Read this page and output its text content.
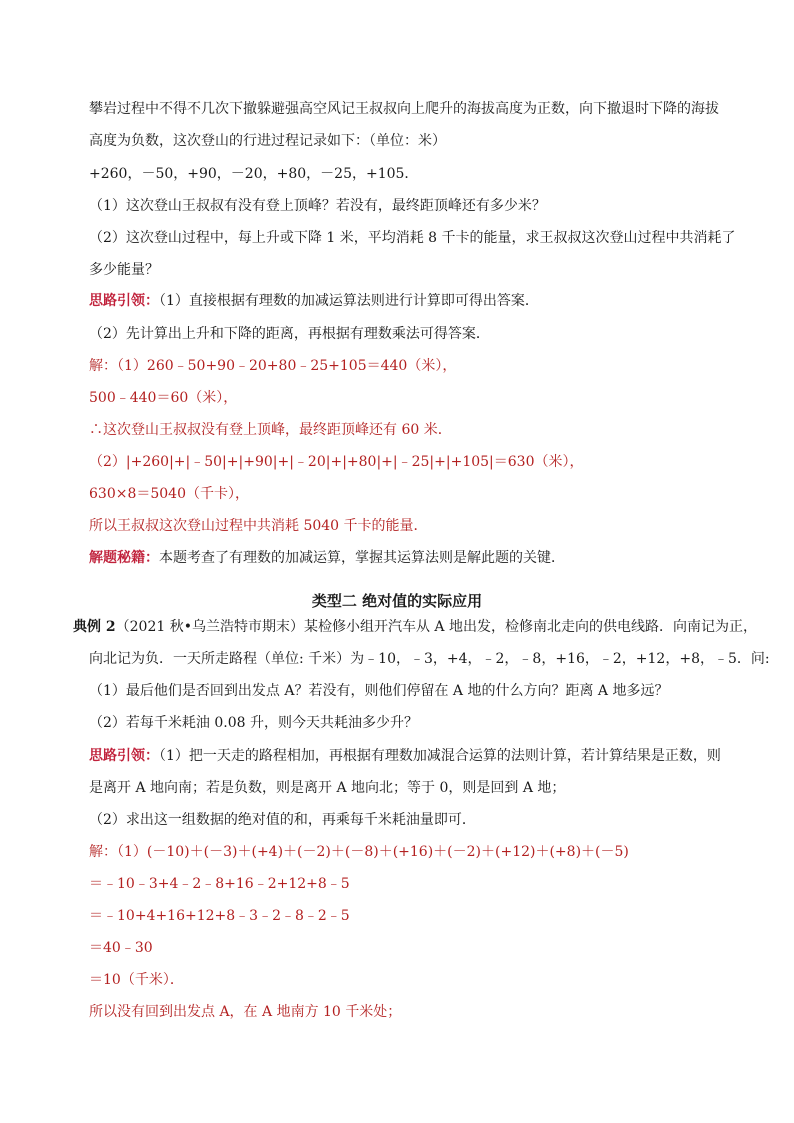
攀岩过程中不得不几次下撤躲避强高空风记王叔叔向上爬升的海拔高度为正数，向下撤退时下降的海拔
高度为负数，这次登山的行进过程记录如下：（单位：米）
+260，－50，+90，－20，+80，－25，+105．
（1）这次登山王叔叔有没有登上顶峰？若没有，最终距顶峰还有多少米？
（2）这次登山过程中，每上升或下降 1 米，平均消耗 8 千卡的能量，求王叔叔这次登山过程中共消耗了
多少能量？
思路引领：（1）直接根据有理数的加减运算法则进行计算即可得出答案．
（2）先计算出上升和下降的距离，再根据有理数乘法可得答案．
解：（1）260﹣50+90﹣20+80﹣25+105＝440（米），
500﹣440＝60（米），
∴这次登山王叔叔没有登上顶峰，最终距顶峰还有 60 米．
（2）|+260|+|﹣50|+|+90|+|﹣20|+|+80|+|﹣25|+|+105|＝630（米），
630×8＝5040（千卡），
所以王叔叔这次登山过程中共消耗 5040 千卡的能量．
解题秘籍：本题考查了有理数的加减运算，掌握其运算法则是解此题的关键．
类型二 绝对值的实际应用
典例 2（2021 秋•乌兰浩特市期末）某检修小组开汽车从 A 地出发，检修南北走向的供电线路．向南记为正，
向北记为负．一天所走路程（单位: 千米）为﹣10，﹣3，+4，﹣2，﹣8，+16，﹣2，+12，+8，﹣5．问:
（1）最后他们是否回到出发点 A？若没有，则他们停留在 A 地的什么方向？距离 A 地多远？
（2）若每千米耗油 0.08 升，则今天共耗油多少升？
思路引领：（1）把一天走的路程相加，再根据有理数加减混合运算的法则计算，若计算结果是正数，则
是离开 A 地向南；若是负数，则是离开 A 地向北；等于 0，则是回到 A 地；
（2）求出这一组数据的绝对值的和，再乘每千米耗油量即可．
解：（1）(－10)＋(－3)＋(+4)＋(－2)＋(－8)＋(+16)＋(－2)＋(+12)＋(+8)＋(－5)
＝﹣10﹣3+4﹣2﹣8+16﹣2+12+8﹣5
＝﹣10+4+16+12+8﹣3﹣2﹣8﹣2﹣5
＝40﹣30
＝10（千米）．
所以没有回到出发点 A，在 A 地南方 10 千米处；
